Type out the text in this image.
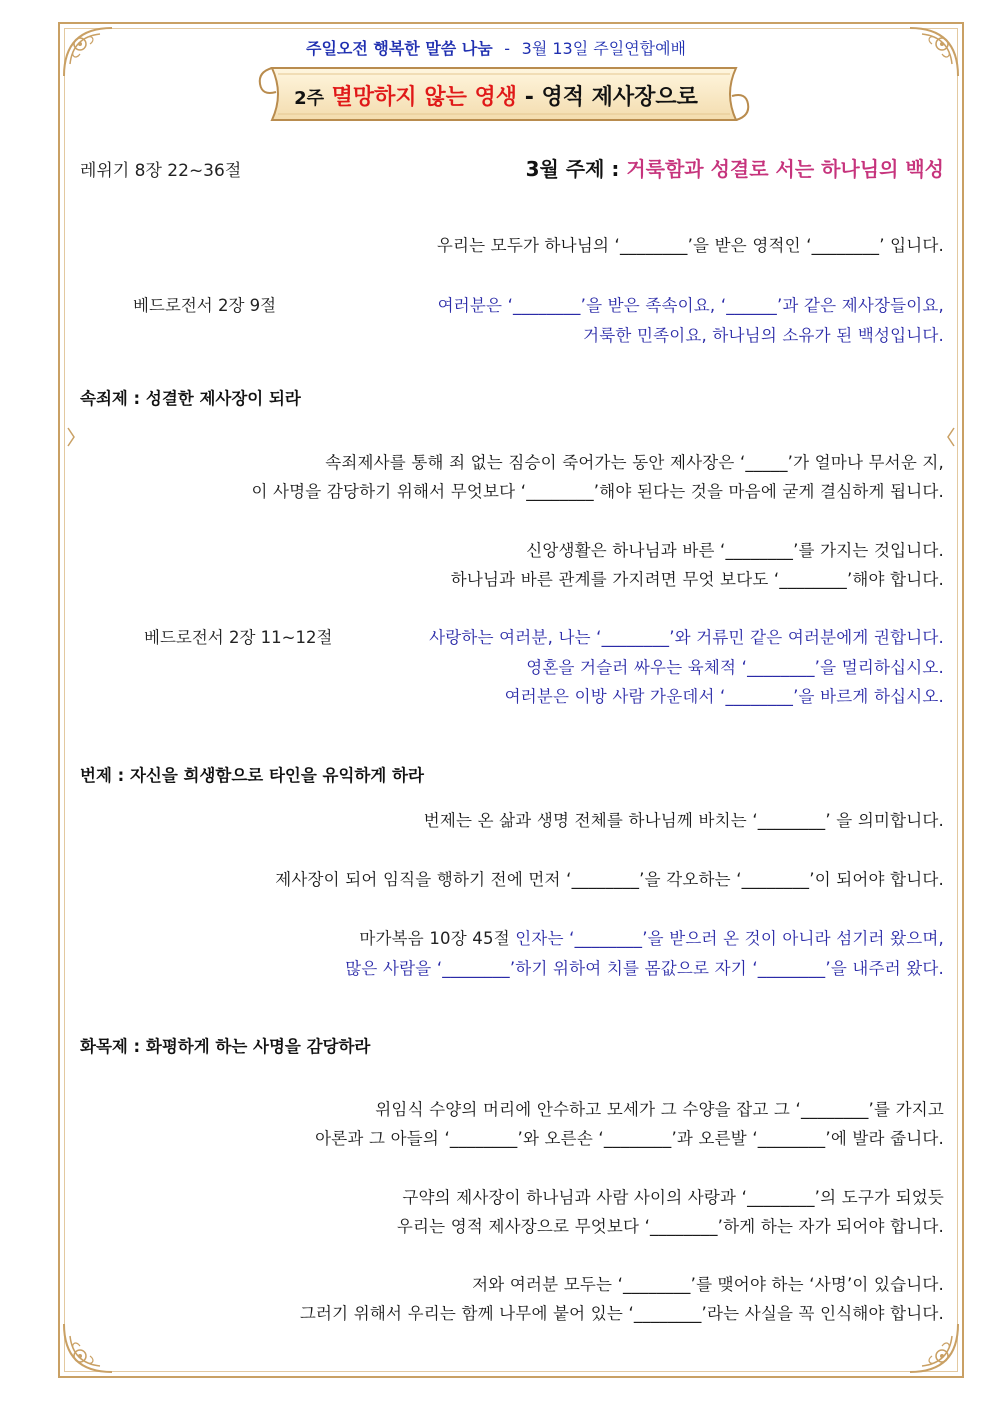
주일오전 행복한 말씀 나눔 - 3월 13일 주일연합예배
2주 멸망하지 않는 영생 - 영적 제사장으로
레위기 8장 22~36절	3월 주제 : 거룩함과 성결로 서는 하나님의 백성
우리는 모두가 하나님의 ‘________’을 받은 영적인 ‘________’ 입니다.
베드로전서 2장 9절	여러분은 ‘________’을 받은 족속이요, ‘______’과 같은 제사장들이요,
거룩한 민족이요, 하나님의 소유가 된 백성입니다.
속죄제 : 성결한 제사장이 되라
속죄제사를 통해 죄 없는 짐승이 죽어가는 동안 제사장은 ‘_____’가 얼마나 무서운 지,
이 사명을 감당하기 위해서 무엇보다 ‘________’해야 된다는 것을 마음에 굳게 결심하게 됩니다.
신앙생활은 하나님과 바른 ‘________’를 가지는 것입니다.
하나님과 바른 관계를 가지려면 무엇 보다도 ‘________’해야 합니다.
베드로전서 2장 11~12절	사랑하는 여러분, 나는 ‘________’와 거류민 같은 여러분에게 권합니다.
영혼을 거슬러 싸우는 육체적 ‘________’을 멀리하십시오.
여러분은 이방 사람 가운데서 ‘________’을 바르게 하십시오.
번제 : 자신을 희생함으로 타인을 유익하게 하라
번제는 온 삶과 생명 전체를 하나님께 바치는 ‘________’ 을 의미합니다.
제사장이 되어 임직을 행하기 전에 먼저 ‘________’을 각오하는 ‘________’이 되어야 합니다.
마가복음 10장 45절 인자는 ‘________’을 받으러 온 것이 아니라 섬기러 왔으며,
많은 사람을 ‘________’하기 위하여 치를 몸값으로 자기 ‘________’을 내주러 왔다.
화목제 : 화평하게 하는 사명을 감당하라
위임식 수양의 머리에 안수하고 모세가 그 수양을 잡고 그 ‘________’를 가지고
아론과 그 아들의 ‘________’와 오른손 ‘________’과 오른발 ‘________’에 발라 줍니다.
구약의 제사장이 하나님과 사람 사이의 사랑과 ‘________’의 도구가 되었듯
우리는 영적 제사장으로 무엇보다 ‘________’하게 하는 자가 되어야 합니다.
저와 여러분 모두는 ‘________’를 맺어야 하는 ‘사명’이 있습니다.
그러기 위해서 우리는 함께 나무에 붙어 있는 ‘________’라는 사실을 꼭 인식해야 합니다.
